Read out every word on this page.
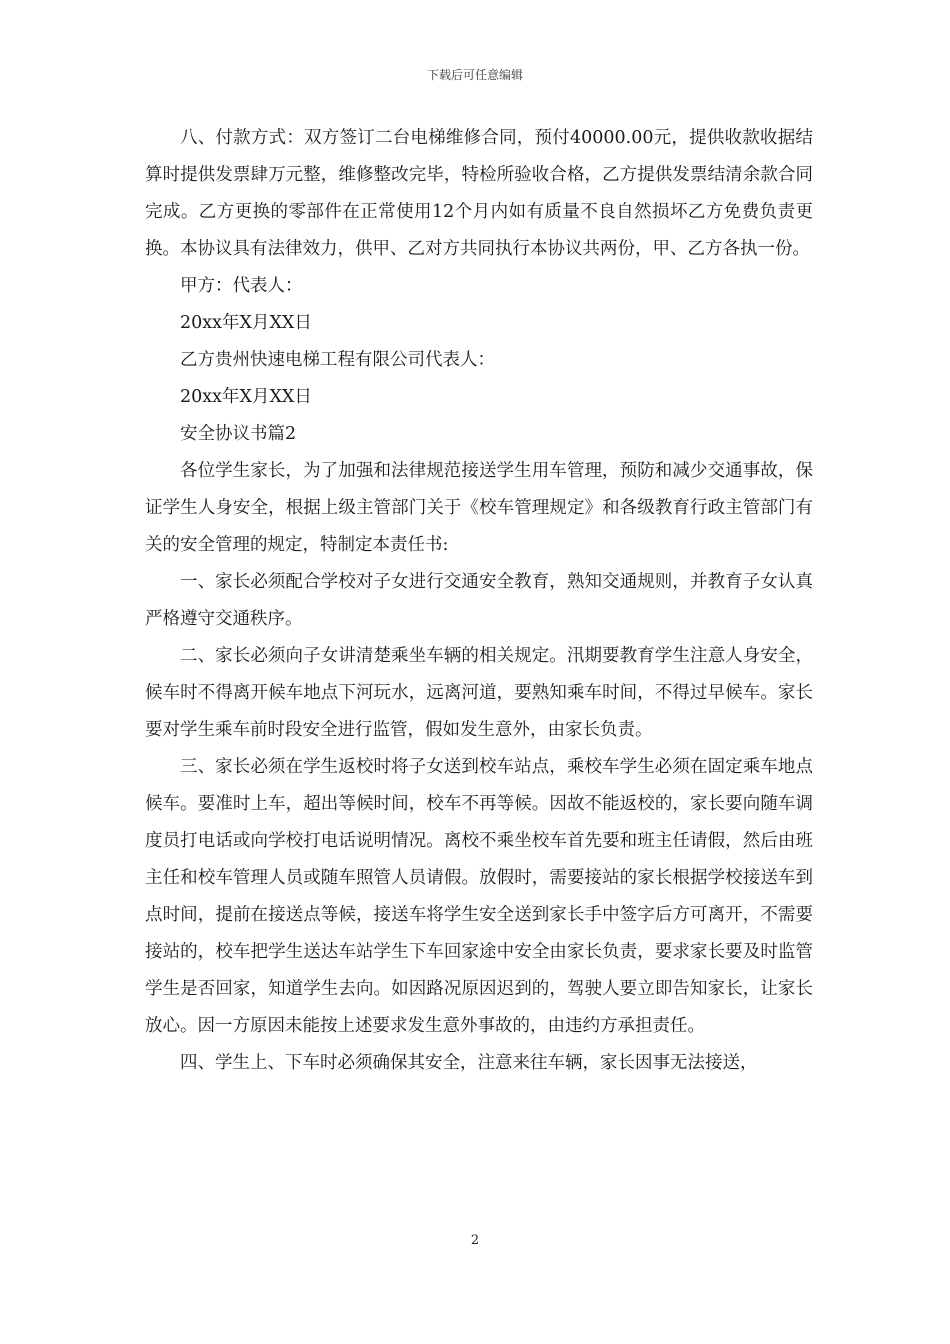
下载后可任意编辑

八、付款方式：双方签订二台电梯维修合同，预付40000.00元，提供收款收据结算时提供发票肆万元整，维修整改完毕，特检所验收合格，乙方提供发票结清余款合同完成。乙方更换的零部件在正常使用12个月内如有质量不良自然损坏乙方免费负责更换。本协议具有法律效力，供甲、乙对方共同执行本协议共两份，甲、乙方各执一份。

甲方：代表人：

20xx年X月XX日

乙方贵州快速电梯工程有限公司代表人：

20xx年X月XX日

安全协议书篇2

各位学生家长，为了加强和法律规范接送学生用车管理，预防和减少交通事故，保证学生人身安全，根据上级主管部门关于《校车管理规定》和各级教育行政主管部门有关的安全管理的规定，特制定本责任书:

一、家长必须配合学校对子女进行交通安全教育，熟知交通规则，并教育子女认真严格遵守交通秩序。

二、家长必须向子女讲清楚乘坐车辆的相关规定。汛期要教育学生注意人身安全，候车时不得离开候车地点下河玩水，远离河道，要熟知乘车时间，不得过早候车。家长要对学生乘车前时段安全进行监管，假如发生意外，由家长负责。

三、家长必须在学生返校时将子女送到校车站点，乘校车学生必须在固定乘车地点候车。要准时上车，超出等候时间，校车不再等候。因故不能返校的，家长要向随车调度员打电话或向学校打电话说明情况。离校不乘坐校车首先要和班主任请假，然后由班主任和校车管理人员或随车照管人员请假。放假时，需要接站的家长根据学校接送车到点时间，提前在接送点等候，接送车将学生安全送到家长手中签字后方可离开，不需要接站的，校车把学生送达车站学生下车回家途中安全由家长负责，要求家长要及时监管学生是否回家，知道学生去向。如因路况原因迟到的，驾驶人要立即告知家长，让家长放心。因一方原因未能按上述要求发生意外事故的，由违约方承担责任。

四、学生上、下车时必须确保其安全，注意来往车辆，家长因事无法接送，

2
